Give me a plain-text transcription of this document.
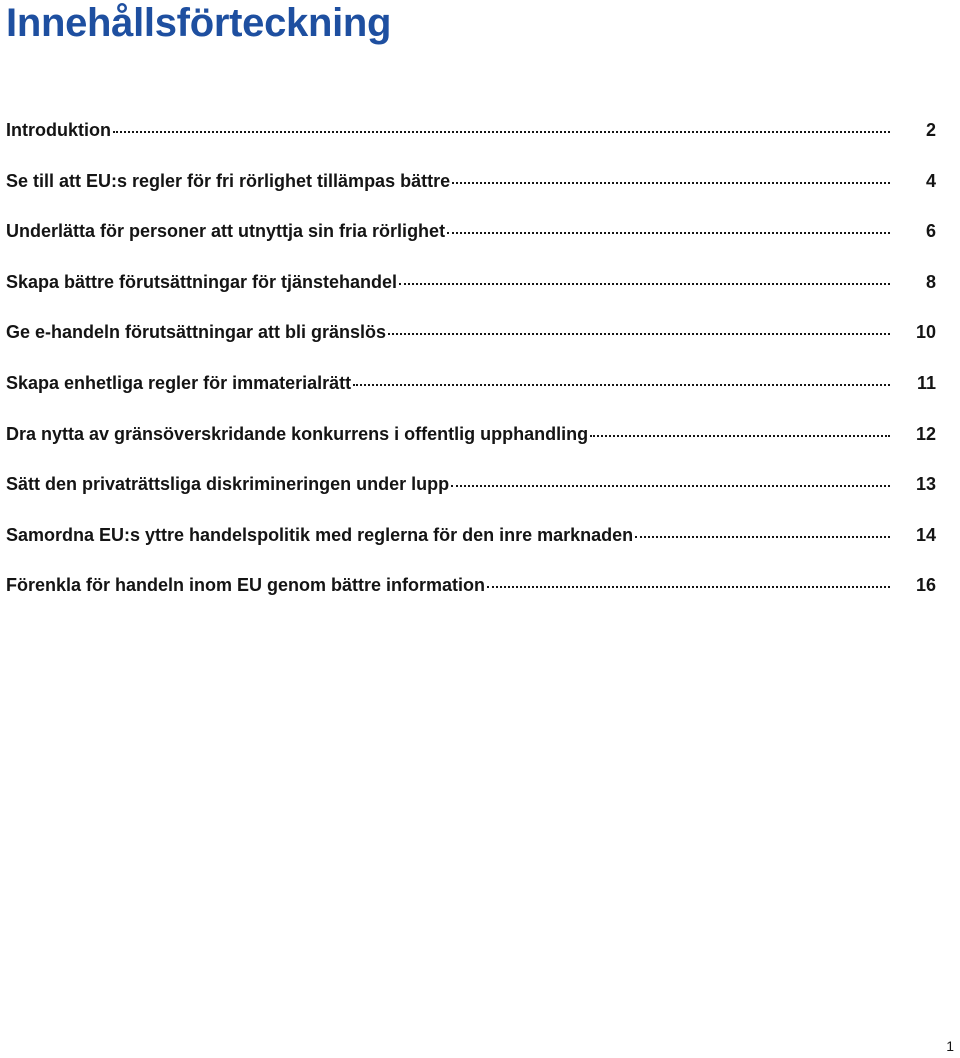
Innehållsförteckning
Introduktion	2
Se till att EU:s regler för fri rörlighet tillämpas bättre	4
Underlätta för personer att utnyttja sin fria rörlighet	6
Skapa bättre förutsättningar för tjänstehandel	8
Ge e-handeln förutsättningar att bli gränslös	10
Skapa enhetliga regler för immaterialrätt	11
Dra nytta av gränsöverskridande konkurrens i offentlig upphandling	12
Sätt den privaträttsliga diskrimineringen under lupp	13
Samordna EU:s yttre handelspolitik med reglerna för den inre marknaden	14
Förenkla för handeln inom EU genom bättre information	16
1
